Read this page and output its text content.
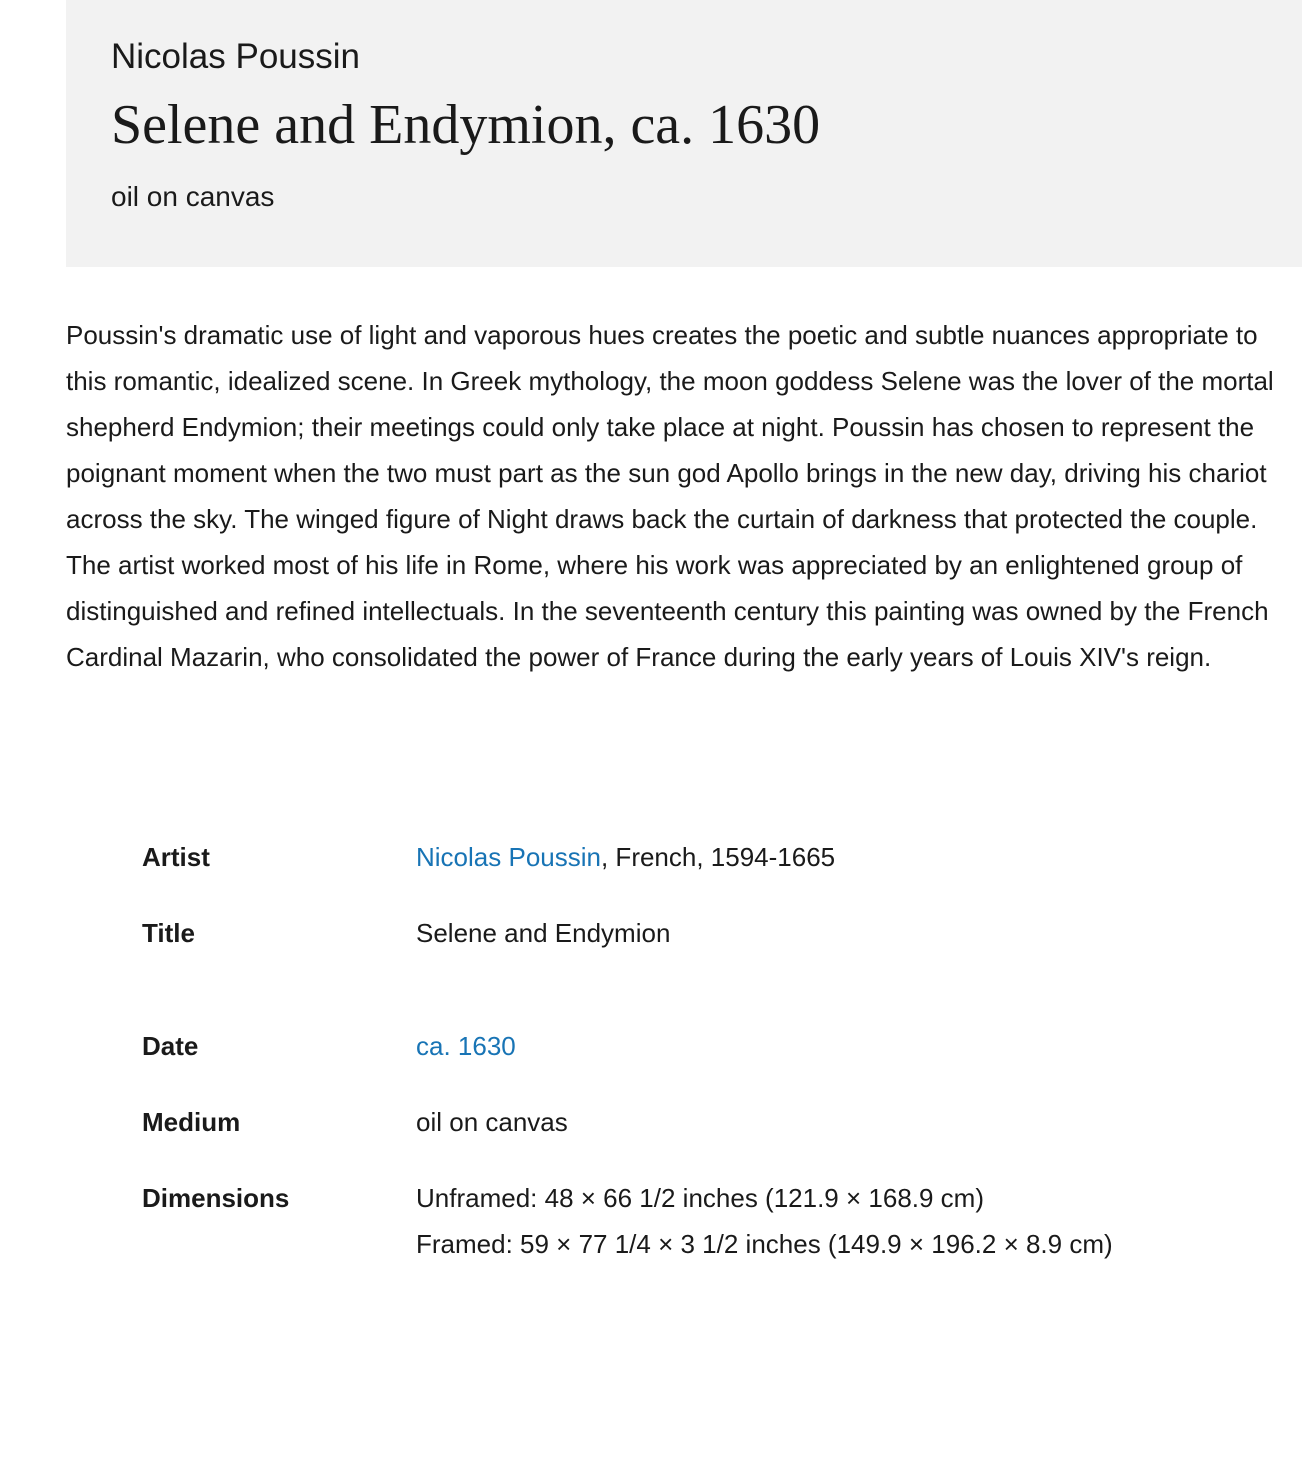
Nicolas Poussin
Selene and Endymion, ca. 1630
oil on canvas

Poussin's dramatic use of light and vaporous hues creates the poetic and subtle nuances appropriate to this romantic, idealized scene. In Greek mythology, the moon goddess Selene was the lover of the mortal shepherd Endymion; their meetings could only take place at night. Poussin has chosen to represent the poignant moment when the two must part as the sun god Apollo brings in the new day, driving his chariot across the sky. The winged figure of Night draws back the curtain of darkness that protected the couple.

The artist worked most of his life in Rome, where his work was appreciated by an enlightened group of distinguished and refined intellectuals. In the seventeenth century this painting was owned by the French Cardinal Mazarin, who consolidated the power of France during the early years of Louis XIV's reign.

Artist	Nicolas Poussin, French, 1594-1665
Title	Selene and Endymion
Date	ca. 1630
Medium	oil on canvas
Dimensions	Unframed: 48 × 66 1/2 inches (121.9 × 168.9 cm)
Framed: 59 × 77 1/4 × 3 1/2 inches (149.9 × 196.2 × 8.9 cm)
